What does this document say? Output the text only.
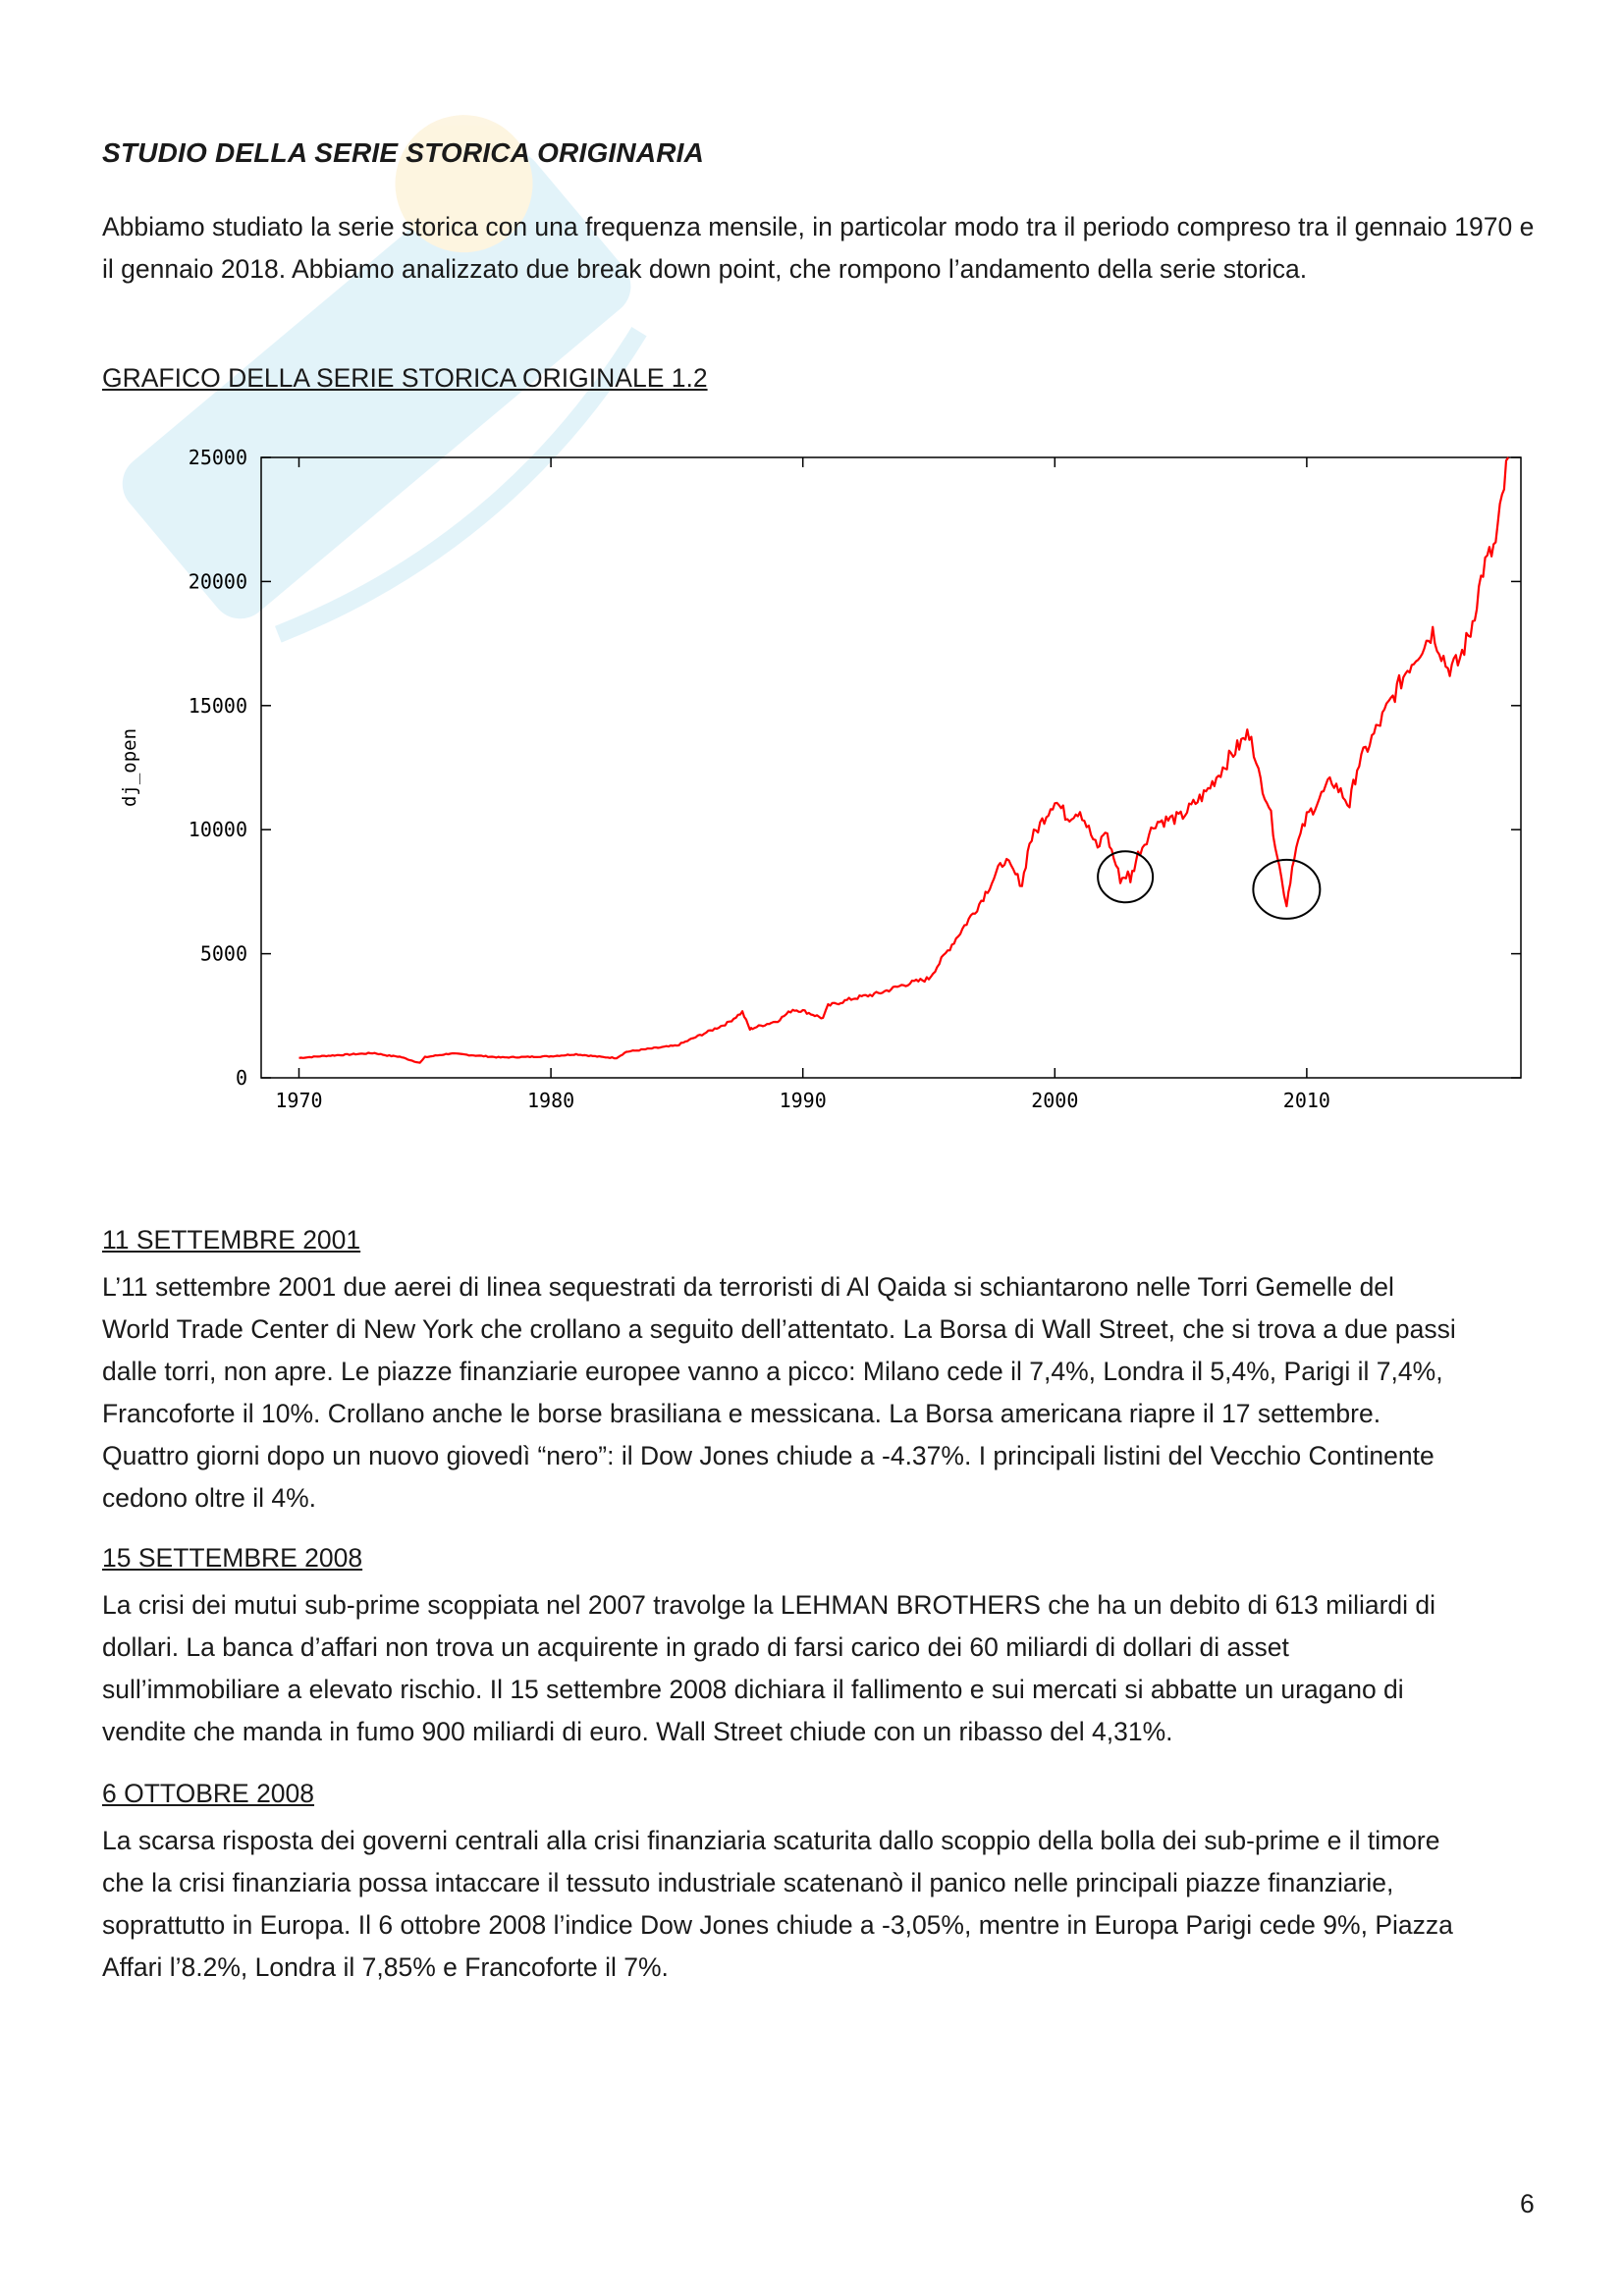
STUDIO DELLA SERIE STORICA ORIGINARIA

Abbiamo studiato la serie storica con una frequenza mensile, in particolar modo tra il periodo compreso tra il gennaio 1970 e il gennaio 2018. Abbiamo analizzato due break down point, che rompono l’andamento della serie storica.

GRAFICO DELLA SERIE STORICA ORIGINALE 1.2

0
5000
10000
15000
20000
25000
1970	1980	1990	2000	2010
dj_open

11 SETTEMBRE 2001

L’11 settembre 2001 due aerei di linea sequestrati da terroristi di Al Qaida si schiantarono nelle Torri Gemelle del
World Trade Center di New York che crollano a seguito dell’attentato. La Borsa di Wall Street, che si trova a due passi
dalle torri, non apre. Le piazze finanziarie europee vanno a picco: Milano cede il 7,4%, Londra il 5,4%, Parigi il 7,4%,
Francoforte il 10%. Crollano anche le borse brasiliana e messicana. La Borsa americana riapre il 17 settembre.
Quattro giorni dopo un nuovo giovedì “nero”: il Dow Jones chiude a -4.37%. I principali listini del Vecchio Continente
cedono oltre il 4%.

15 SETTEMBRE 2008

La crisi dei mutui sub-prime scoppiata nel 2007 travolge la LEHMAN BROTHERS che ha un debito di 613 miliardi di
dollari. La banca d’affari non trova un acquirente in grado di farsi carico dei 60 miliardi di dollari di asset
sull’immobiliare a elevato rischio. Il 15 settembre 2008 dichiara il fallimento e sui mercati si abbatte un uragano di
vendite che manda in fumo 900 miliardi di euro. Wall Street chiude con un ribasso del 4,31%.

6 OTTOBRE 2008

La scarsa risposta dei governi centrali alla crisi finanziaria scaturita dallo scoppio della bolla dei sub-prime e il timore
che la crisi finanziaria possa intaccare il tessuto industriale scatenanò il panico nelle principali piazze finanziarie,
soprattutto in Europa. Il 6 ottobre 2008 l’indice Dow Jones chiude a -3,05%, mentre in Europa Parigi cede 9%, Piazza
Affari l’8.2%, Londra il 7,85% e Francoforte il 7%.
6
